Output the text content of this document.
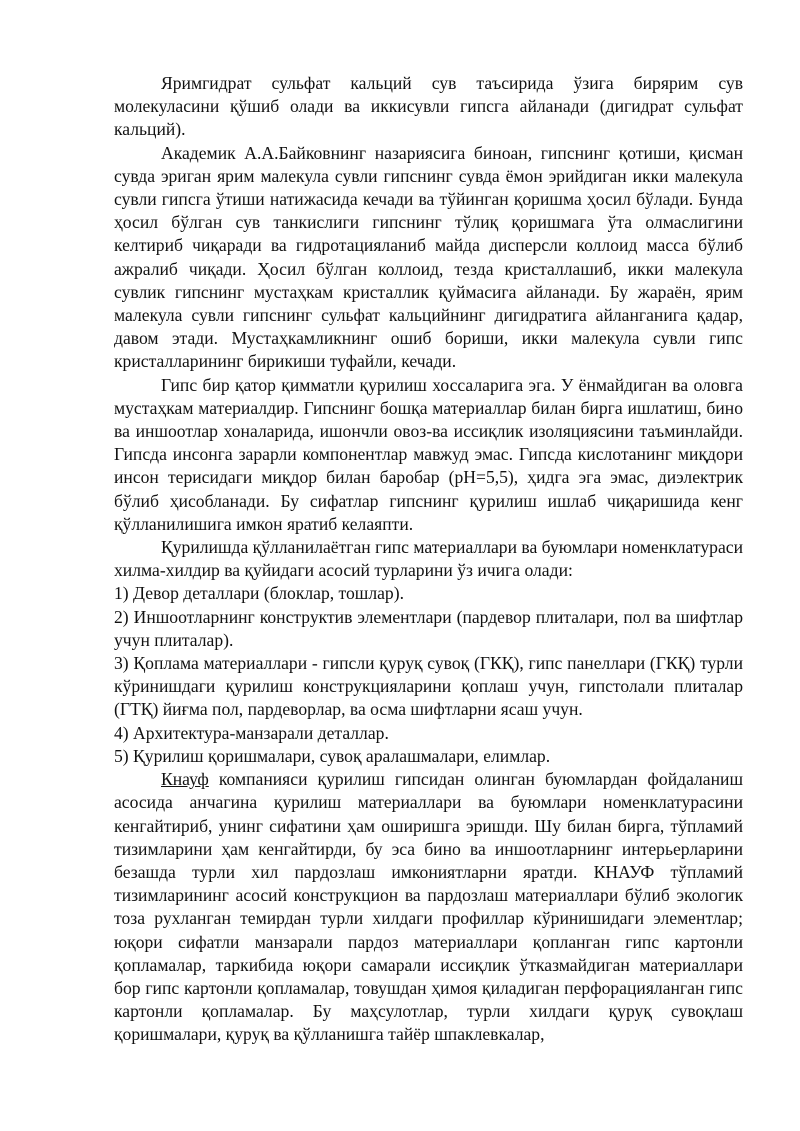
Яримгидрат сульфат кальций сув таъсирида ўзига бирярим сув молекуласини қўшиб олади ва иккисувли гипсга айланади (дигидрат сульфат кальций).

Академик А.А.Байковнинг назариясига биноан, гипснинг қотиши, қисман сувда эриган ярим малекула сувли гипснинг сувда ёмон эрийдиган икки малекула сувли гипсга ўтиши натижасида кечади ва тўйинган қоришма ҳосил бўлади. Бунда ҳосил бўлган сув танкислиги гипснинг тўлиқ қоришмага ўта олмаслигини келтириб чиқаради ва гидротацияланиб майда дисперсли коллоид масса бўлиб ажралиб чиқади. Ҳосил бўлган коллоид, тезда кристаллашиб, икки малекула сувлик гипснинг мустаҳкам кристаллик қуймасига айланади. Бу жараён, ярим малекула сувли гипснинг сульфат кальцийнинг дигидратига айланганига қадар, давом этади. Мустаҳкамликнинг ошиб бориши, икки малекула сувли гипс кристалларининг бирикиши туфайли, кечади.

Гипс бир қатор қимматли қурилиш хоссаларига эга. У ёнмайдиган ва оловга мустаҳкам материалдир. Гипснинг бошқа материаллар билан бирга ишлатиш, бино ва иншоотлар хоналарида, ишончли овоз-ва иссиқлик изоляциясини таъминлайди. Гипсда инсонга зарарли компонентлар мавжуд эмас. Гипсда кислотанинг миқдори инсон терисидаги миқдор билан баробар (pH=5,5), ҳидга эга эмас, диэлектрик бўлиб ҳисобланади. Бу сифатлар гипснинг қурилиш ишлаб чиқаришида кенг қўлланилишига имкон яратиб келаяпти.

Қурилишда қўлланилаётган гипс материаллари ва буюмлари номенклатураси хилма-хилдир ва қуйидаги асосий турларини ўз ичига олади:

1) Девор деталлари (блоклар, тошлар).

2) Иншоотларнинг конструктив элементлари (пардевор плиталари, пол ва шифтлар учун плиталар).

3) Қоплама материаллари - гипсли қуруқ сувоқ (ГКҚ), гипс панеллари (ГКҚ) турли кўринишдаги қурилиш конструкцияларини қоплаш учун, гипстолали плиталар (ГТҚ) йиғма пол, пардеворлар, ва осма шифтларни ясаш учун.

4) Архитектура-манзарали деталлар.

5) Қурилиш қоришмалари, сувоқ аралашмалари, елимлар.

Кнауф компанияси қурилиш гипсидан олинган буюмлардан фойдаланиш асосида анчагина қурилиш материаллари ва буюмлари номенклатурасини кенгайтириб, унинг сифатини ҳам оширишга эришди. Шу билан бирга, тўпламий тизимларини ҳам кенгайтирди, бу эса бино ва иншоотларнинг интерьерларини безашда турли хил пардозлаш имкониятларни яратди. КНАУФ тўпламий тизимларининг асосий конструкцион ва пардозлаш материаллари бўлиб экологик тоза рухланган темирдан турли хилдаги профиллар кўринишидаги элементлар; юқори сифатли манзарали пардоз материаллари қопланган гипс картонли қопламалар, таркибида юқори самарали иссиқлик ўтказмайдиган материаллари бор гипс картонли қопламалар, товушдан ҳимоя қиладиган перфорацияланган гипс картонли қопламалар. Бу маҳсулотлар, турли хилдаги қуруқ сувоқлаш қоришмалари, қуруқ ва қўлланишга тайёр шпаклевкалар,
